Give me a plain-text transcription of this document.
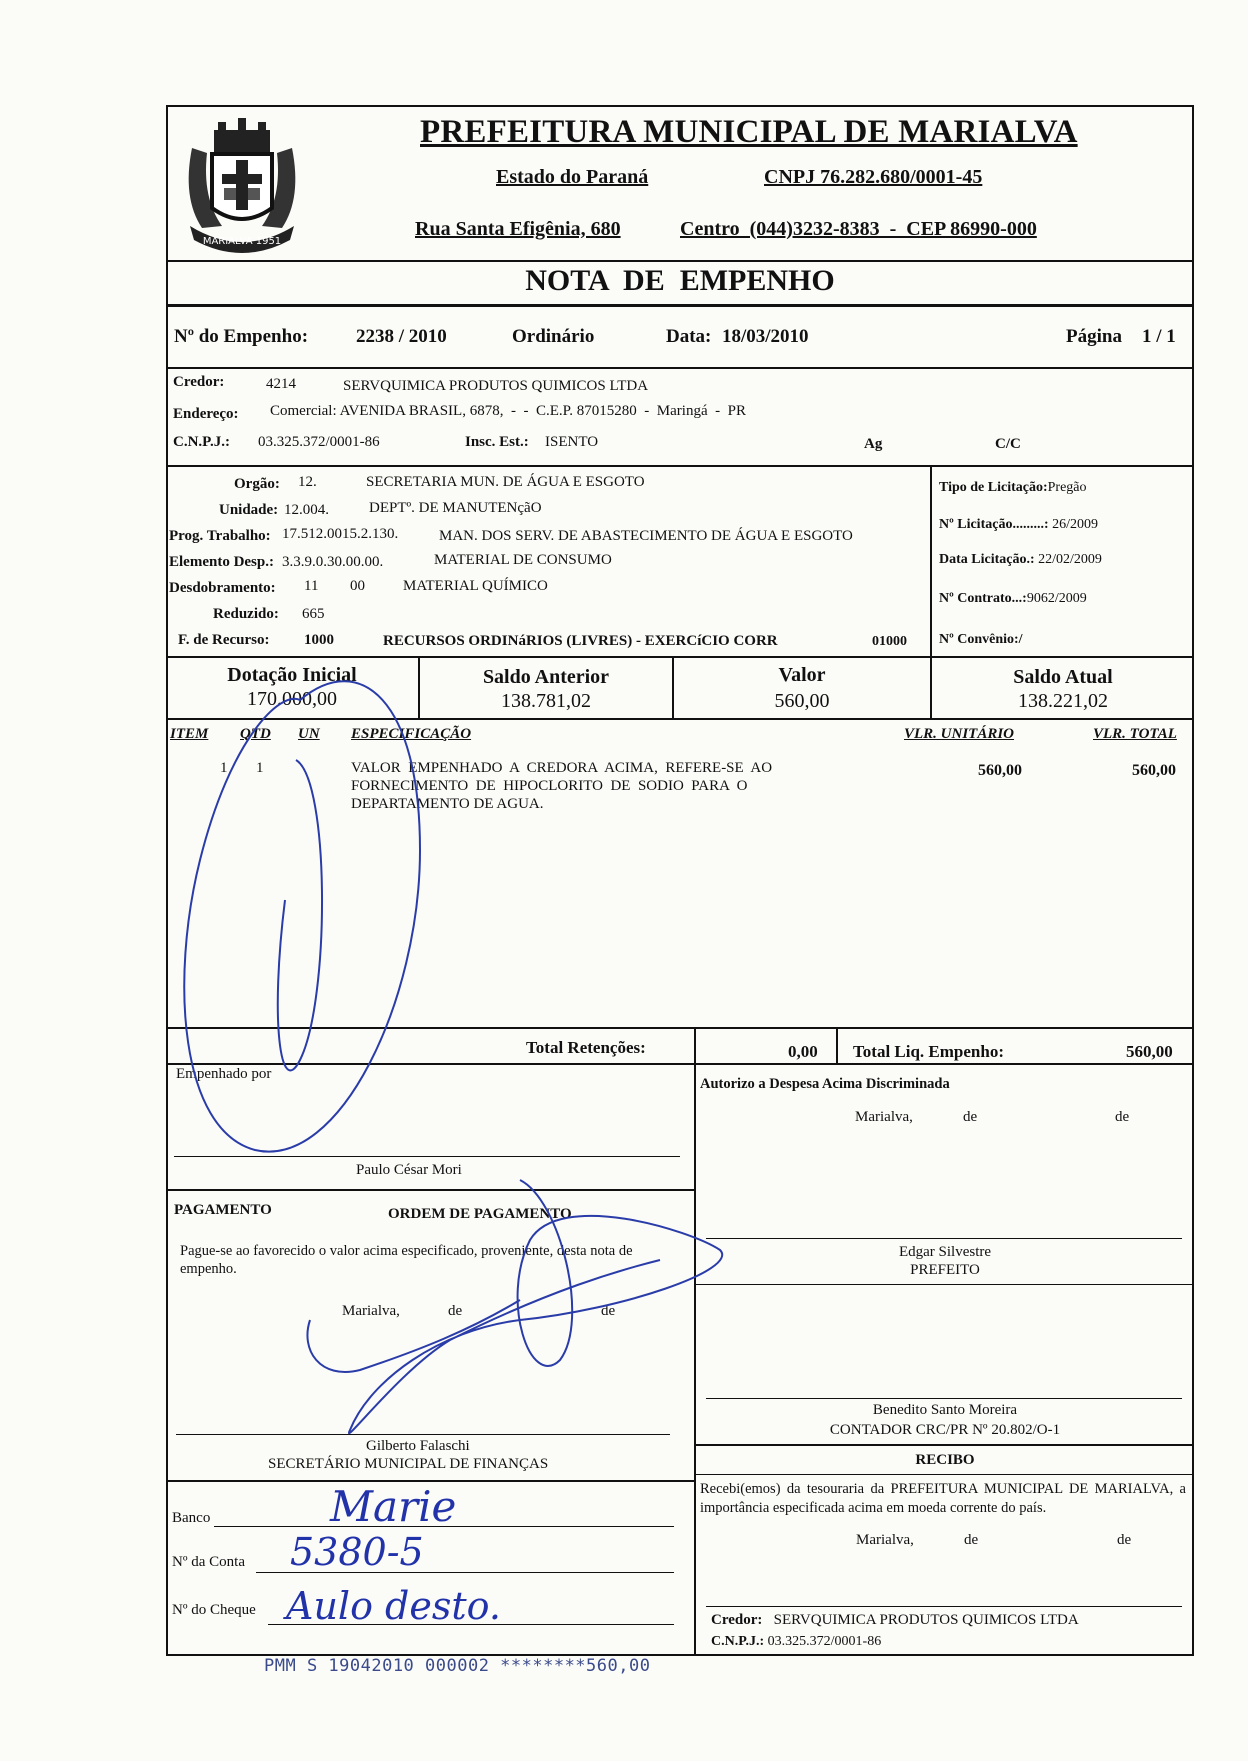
MARIALVA 1951
PREFEITURA MUNICIPAL DE MARIALVA
Estado do Paraná	CNPJ 76.282.680/0001-45
Rua Santa Efigênia, 680	Centro  (044)3232-8383  -  CEP 86990-000
NOTA  DE  EMPENHO
Nº do Empenho:	2238 / 2010	Ordinário	Data: 18/03/2010	Página 1 / 1
Credor:	4214	SERVQUIMICA PRODUTOS QUIMICOS LTDA
Endereço: Comercial: AVENIDA BRASIL, 6878,  -  -  C.E.P. 87015280  -  Maringá  -  PR
C.N.P.J.: 03.325.372/0001-86	Insc. Est.: ISENTO	Ag	C/C
Orgão: 12.	SECRETARIA MUN. DE ÁGUA E ESGOTO
Unidade: 12.004.	DEPTº. DE MANUTENçãO
Prog. Trabalho: 17.512.0015.2.130.	MAN. DOS SERV. DE ABASTECIMENTO DE ÁGUA E ESGOTO
Elemento Desp.: 3.3.9.0.30.00.00.	MATERIAL DE CONSUMO
Desdobramento: 11 00	MATERIAL QUÍMICO
Reduzido: 665
F. de Recurso: 1000	RECURSOS ORDINáRIOS (LIVRES) - EXERCíCIO CORR	01000
Tipo de Licitação:Pregão
Nº Licitação.........: 26/2009
Data Licitação.: 22/02/2009
Nº Contrato...:9062/2009
Nº Convênio:/
Dotação Inicial
170.000,00
Saldo Anterior
138.781,02
Valor
560,00
Saldo Atual
138.221,02
ITEM QTD UN ESPECIFICAÇÃO	VLR. UNITÁRIO	VLR. TOTAL
1 1	VALOR  EMPENHADO  A  CREDORA  ACIMA,  REFERE-SE  AO
FORNECIMENTO  DE  HIPOCLORITO  DE  SODIO  PARA  O
DEPARTAMENTO DE AGUA.
560,00	560,00
Total Retenções:	0,00 Total Liq. Empenho:	560,00
Empenhado por
Paulo César Mori
PAGAMENTO	ORDEM DE PAGAMENTO
Pague-se ao favorecido o valor acima especificado, proveniente, desta nota de empenho.
Marialva,	de	de
Gilberto Falaschi
SECRETÁRIO MUNICIPAL DE FINANÇAS
Banco	Marie
Nº da Conta 5380-5
Nº do Cheque Aulo desto.
Autorizo a Despesa Acima Discriminada
Marialva,	de	de
Edgar Silvestre
PREFEITO
Benedito Santo Moreira
CONTADOR CRC/PR Nº 20.802/O-1
RECIBO
Recebi(emos) da tesouraria da PREFEITURA MUNICIPAL DE MARIALVA, a importância especificada acima em moeda corrente do país.
Marialva,	de	de
Credor: SERVQUIMICA PRODUTOS QUIMICOS LTDA
C.N.P.J.: 03.325.372/0001-86
PMM S 19042010 000002 ********560,00
